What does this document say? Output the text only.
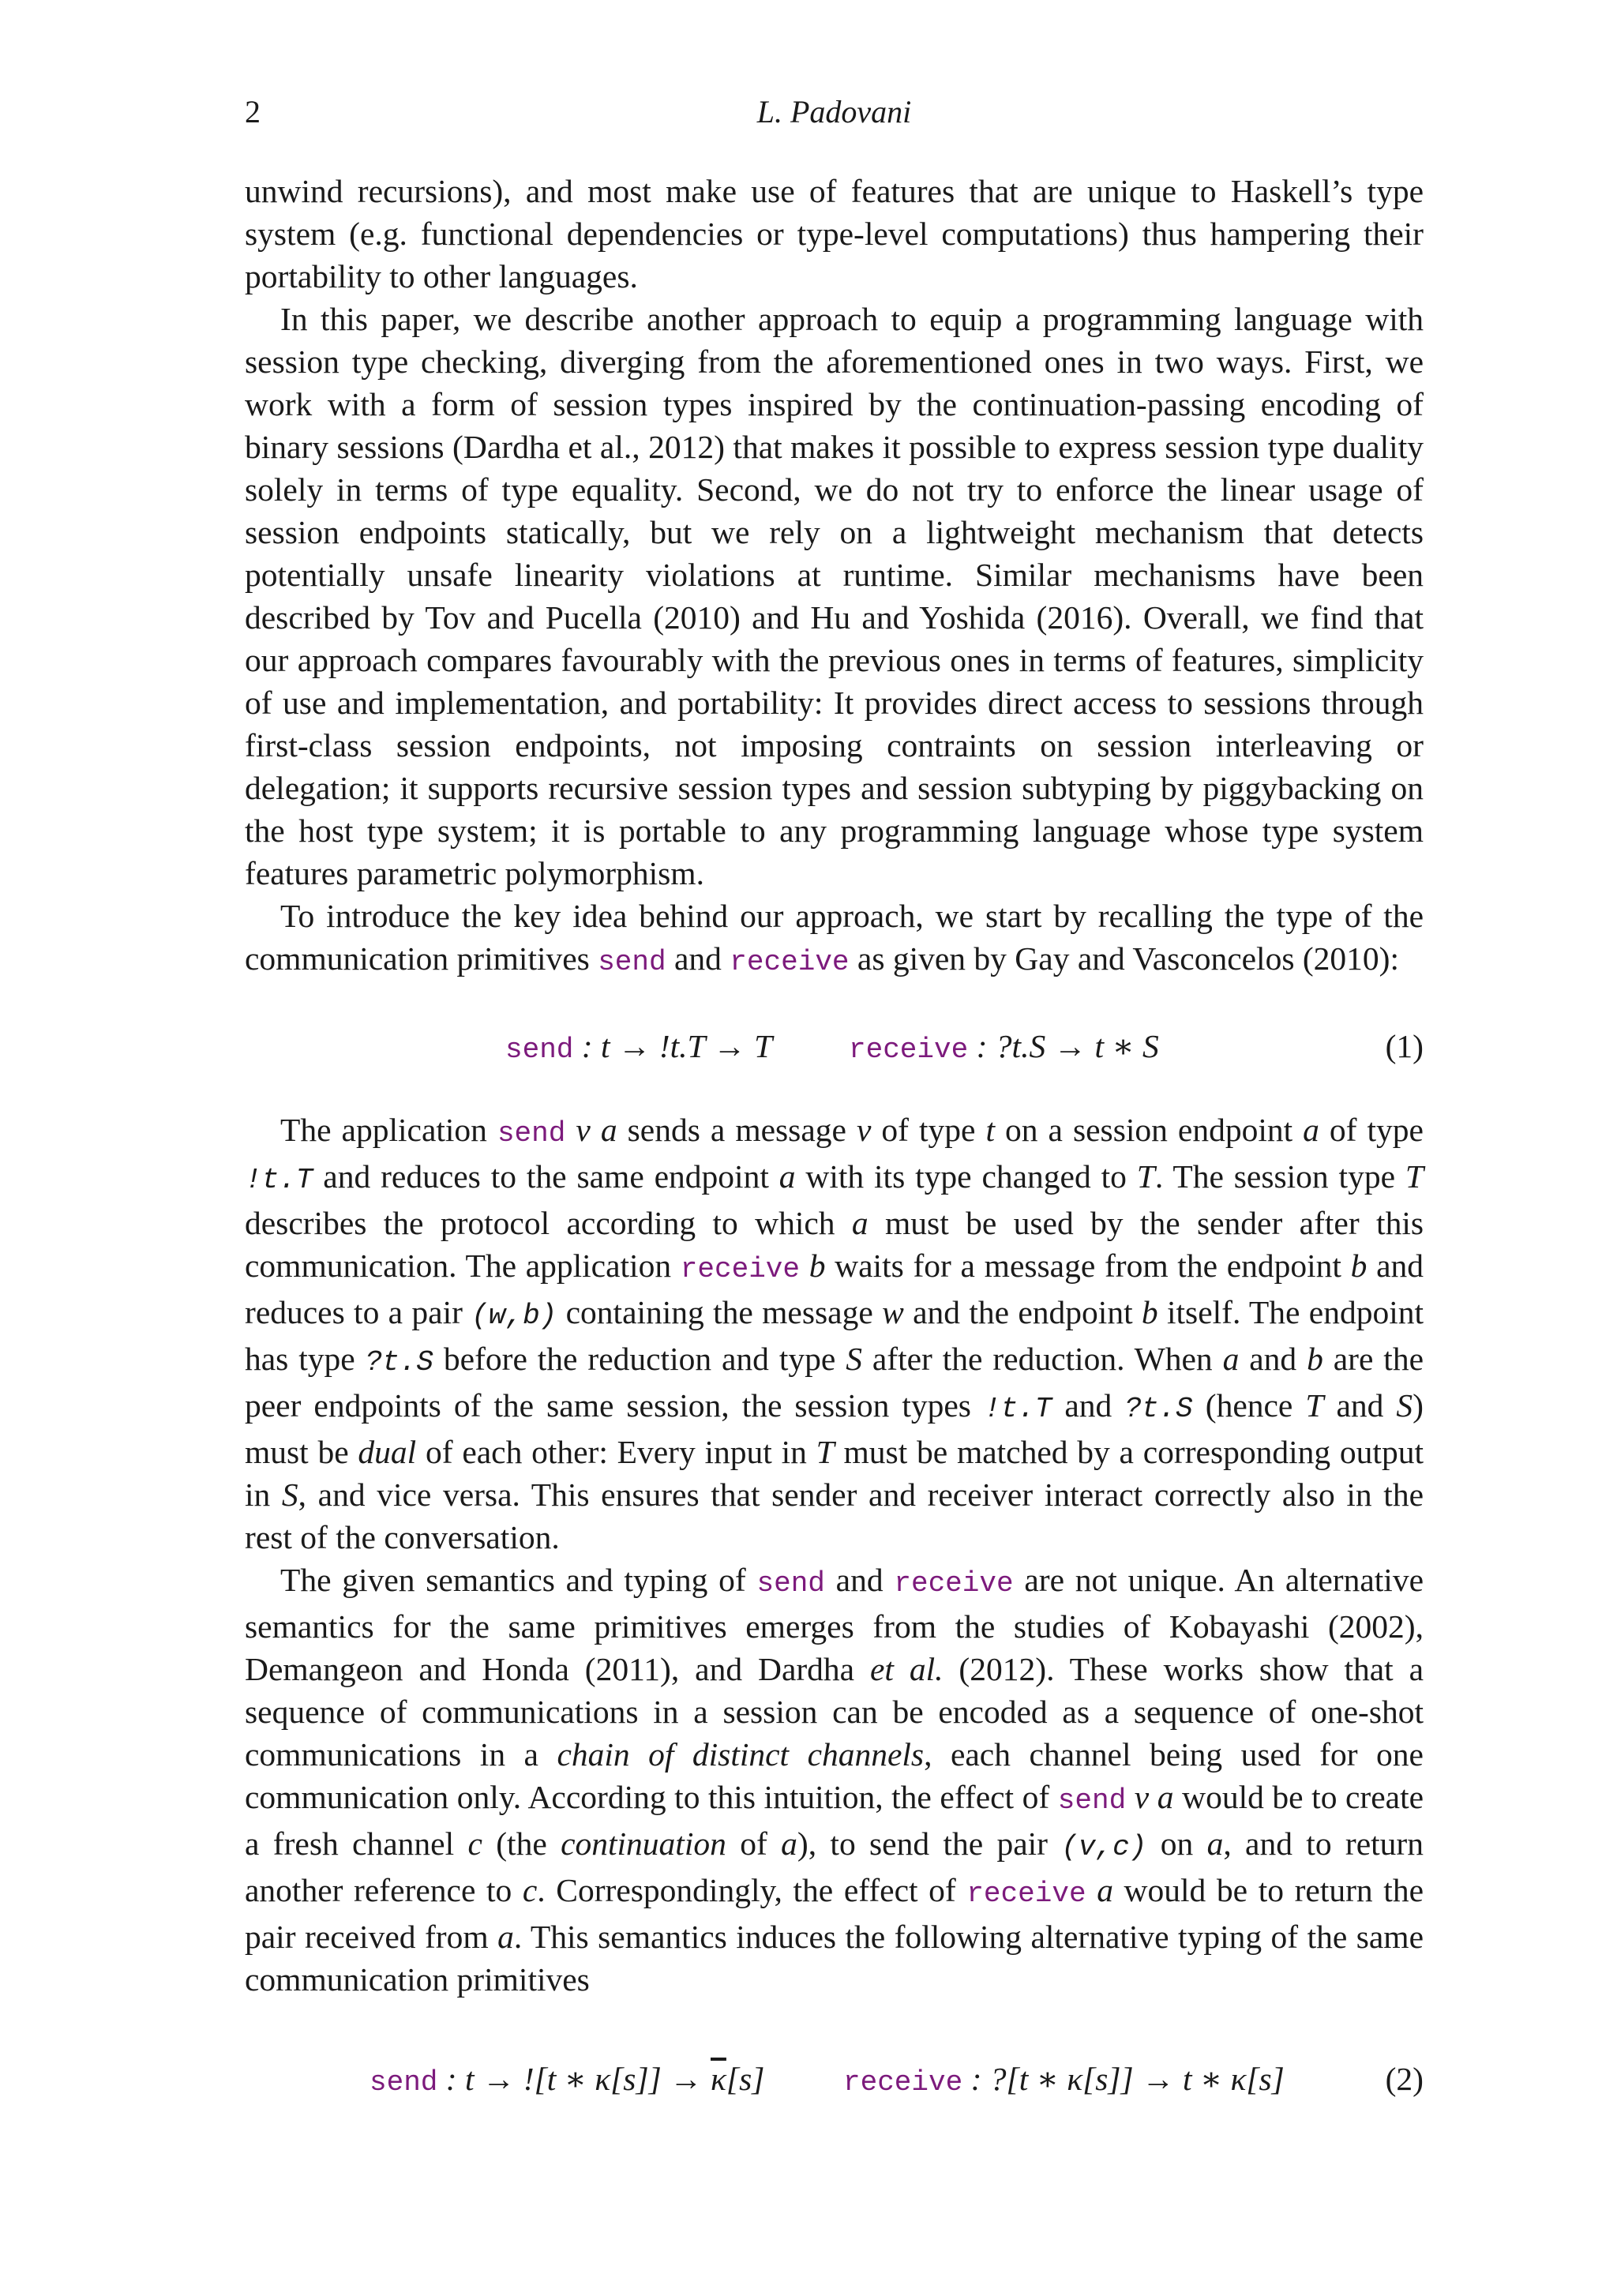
2	L. Padovani

unwind recursions), and most make use of features that are unique to Haskell’s type system (e.g. functional dependencies or type-level computations) thus hampering their portability to other languages.

In this paper, we describe another approach to equip a programming language with session type checking, diverging from the aforementioned ones in two ways. First, we work with a form of session types inspired by the continuation-passing encoding of binary sessions (Dardha et al., 2012) that makes it possible to express session type duality solely in terms of type equality. Second, we do not try to enforce the linear usage of session endpoints statically, but we rely on a lightweight mechanism that detects potentially unsafe linearity violations at runtime. Similar mechanisms have been described by Tov and Pucella (2010) and Hu and Yoshida (2016). Overall, we find that our approach compares favourably with the previous ones in terms of features, simplicity of use and implementation, and portability: It provides direct access to sessions through first-class session endpoints, not imposing contraints on session interleaving or delegation; it supports recursive session types and session subtyping by piggybacking on the host type system; it is portable to any programming language whose type system features parametric polymorphism.

To introduce the key idea behind our approach, we start by recalling the type of the communication primitives send and receive as given by Gay and Vasconcelos (2010):

send : t → !t.T → T	receive : ?t.S → t ∗ S	(1)

The application send v a sends a message v of type t on a session endpoint a of type !t.T and reduces to the same endpoint a with its type changed to T. The session type T describes the protocol according to which a must be used by the sender after this communication. The application receive b waits for a message from the endpoint b and reduces to a pair (w,b) containing the message w and the endpoint b itself. The endpoint has type ?t.S before the reduction and type S after the reduction. When a and b are the peer endpoints of the same session, the session types !t.T and ?t.S (hence T and S) must be dual of each other: Every input in T must be matched by a corresponding output in S, and vice versa. This ensures that sender and receiver interact correctly also in the rest of the conversation.

The given semantics and typing of send and receive are not unique. An alternative semantics for the same primitives emerges from the studies of Kobayashi (2002), Demangeon and Honda (2011), and Dardha et al. (2012). These works show that a sequence of communications in a session can be encoded as a sequence of one-shot communications in a chain of distinct channels, each channel being used for one communication only. According to this intuition, the effect of send v a would be to create a fresh channel c (the continuation of a), to send the pair (v,c) on a, and to return another reference to c. Correspondingly, the effect of receive a would be to return the pair received from a. This semantics induces the following alternative typing of the same communication primitives

send : t → ![t ∗ $\kappa[s]] \to \overline{\kappa}[s]$	receive : ?[t ∗ κ[s]] → t ∗ κ[s]	(2)
